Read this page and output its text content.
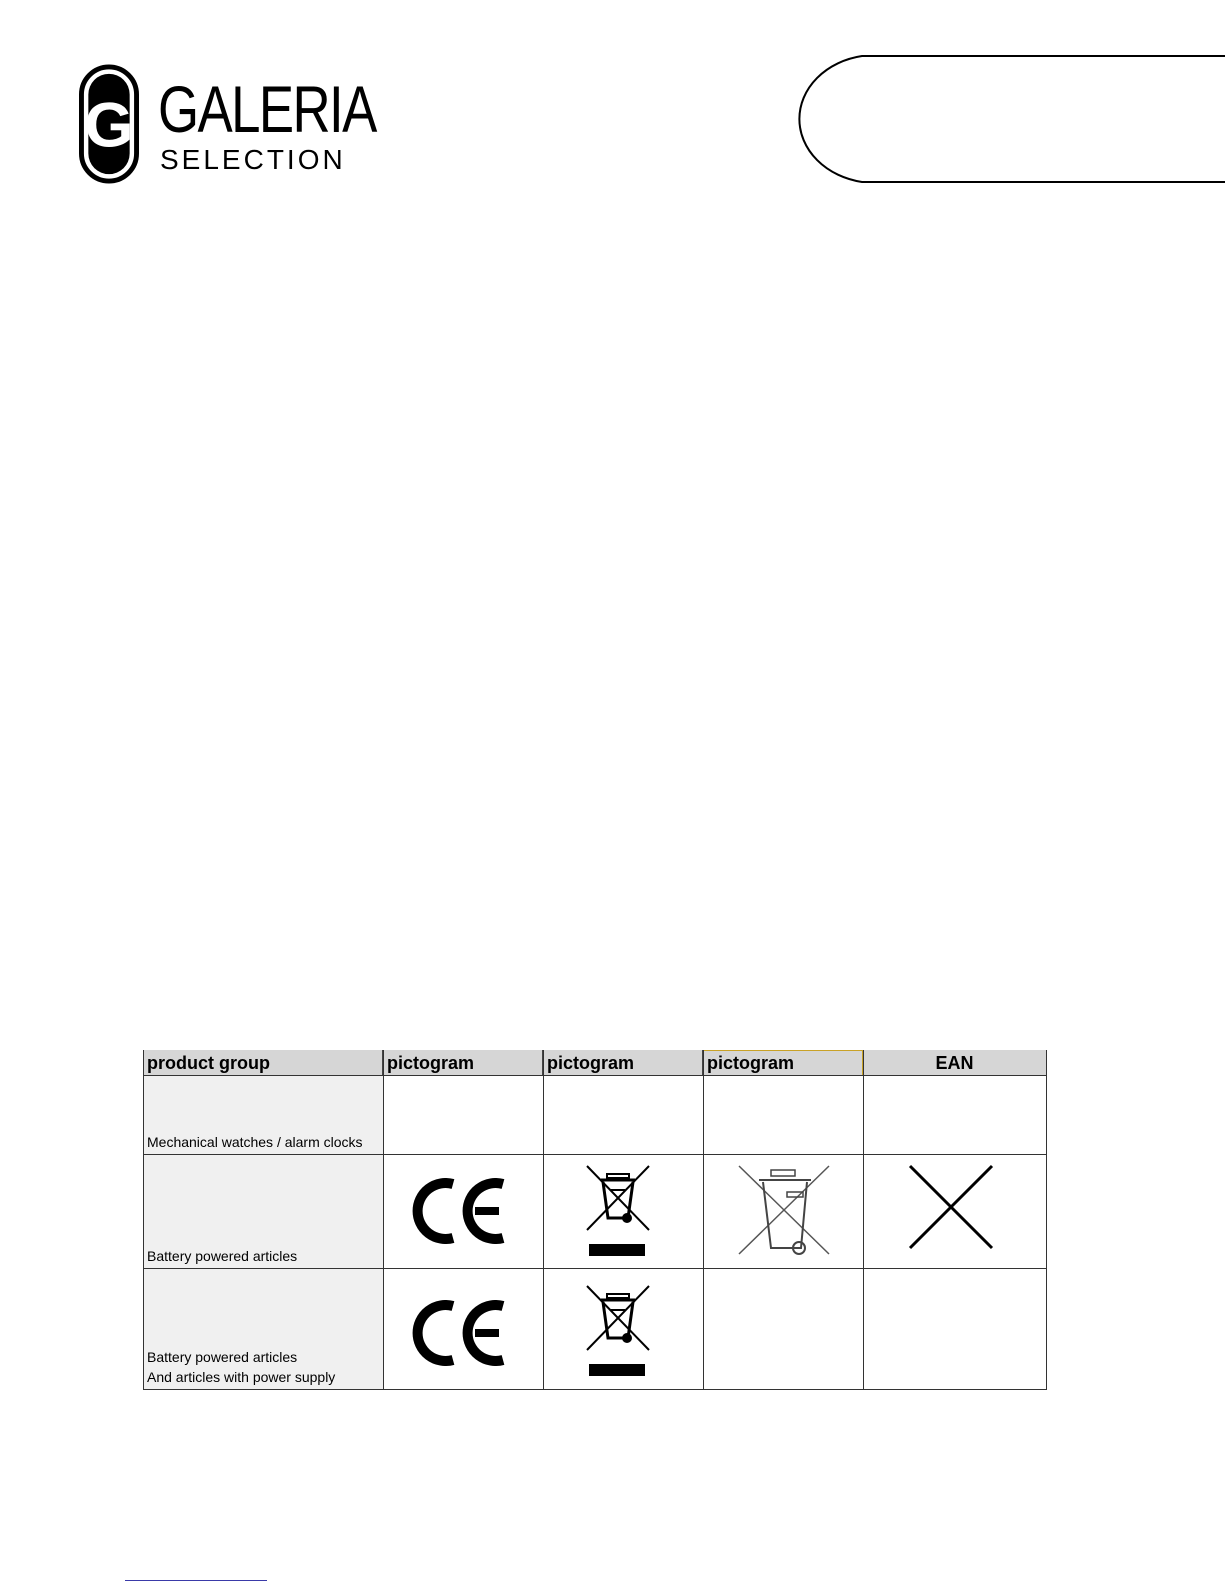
G GALERIA
SELECTION
product group	pictogram	pictogram	pictogram	EAN
Mechanical watches / alarm clocks
Battery powered articles
Battery powered articles
And articles with power supply
